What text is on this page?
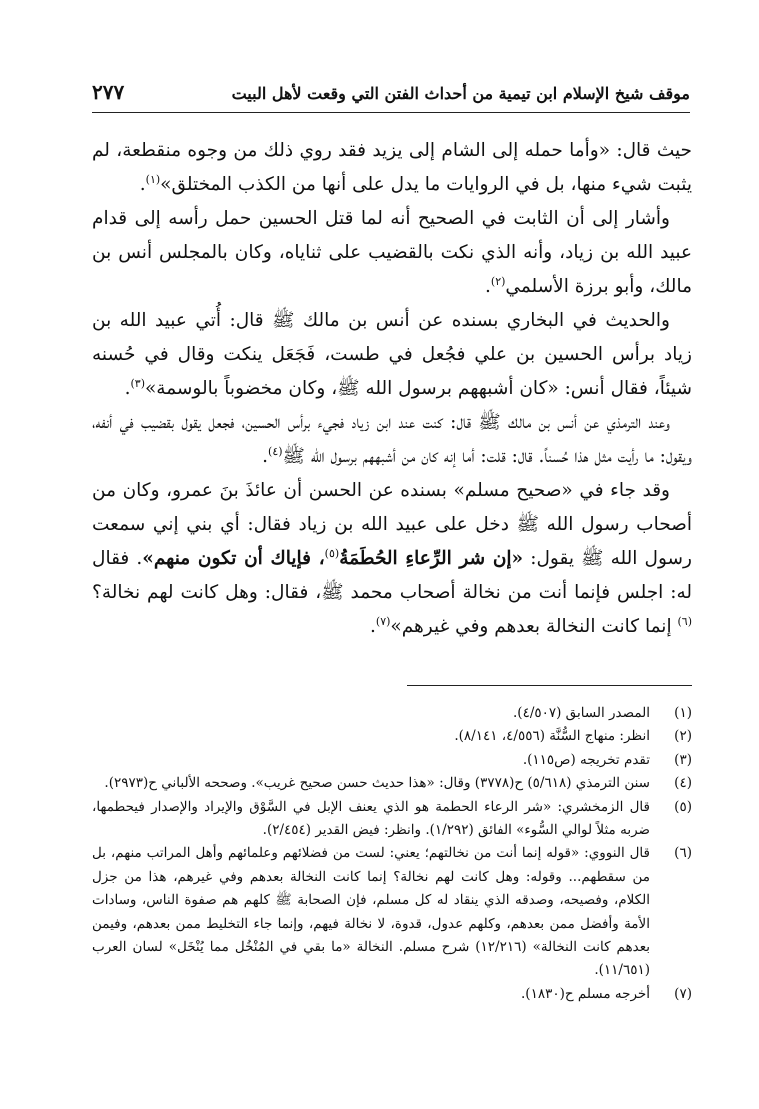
موقف شيخ الإسلام ابن تيمية من أحداث الفتن التي وقعت لأهل البيت
٢٧٧

حيث قال: «وأما حمله إلى الشام إلى يزيد فقد روي ذلك من وجوه منقطعة، لم يثبت شيء منها، بل في الروايات ما يدل على أنها من الكذب المختلق»$^{(١)}$.

وأشار إلى أن الثابت في الصحيح أنه لما قتل الحسين حمل رأسه إلى قدام عبيد الله بن زياد، وأنه الذي نكت بالقضيب على ثناياه، وكان بالمجلس أنس بن مالك، وأبو برزة الأسلمي$^{(٢)}$.

والحديث في البخاري بسنده عن أنس بن مالك ﷺ قال: أُتي عبيد الله بن زياد برأس الحسين بن علي فجُعل في طست، فَجَعَل ينكت وقال في حُسنه شيئاً، فقال أنس: «كان أشبههم برسول الله ﷺ، وكان مخضوباً بالوسمة»$^{(٣)}$.

وعند الترمذي عن أنس بن مالك ﷺ قال: كنت عند ابن زياد فجيء برأس الحسين، فجعل يقول بقضيب في أنفه، ويقول: ما رأيت مثل هذا حُسناً. قال: قلت: أما إنه كان من أشبههم برسول الله ﷺ$^{(٤)}$.

وقد جاء في «صحيح مسلم» بسنده عن الحسن أن عائذَ بنَ عمرو، وكان من أصحاب رسول الله ﷺ دخل على عبيد الله بن زياد فقال: أي بني إني سمعت رسول الله ﷺ يقول: «إن شر الرِّعاءِ الحُطَمَةُ$^{(٥)}$، فإياك أن تكون منهم». فقال له: اجلس فإنما أنت من نخالة أصحاب محمد ﷺ، فقال: وهل كانت لهم نخالة؟$^{(٦)}$ إنما كانت النخالة بعدهم وفي غيرهم»$^{(٧)}$.

(١)
المصدر السابق (٤/٥٠٧).
(٢)
انظر: منهاج السُّنَّة (٤/٥٥٦، ٨/١٤١).
(٣)
تقدم تخريجه (ص١١٥).
(٤)
سنن الترمذي (٥/٦١٨) ح(٣٧٧٨) وقال: «هذا حديث حسن صحيح غريب». وصححه الألباني ح(٢٩٧٣).
(٥)
قال الزمخشري: «شر الرعاء الحطمة هو الذي يعنف الإبل في السَّوْق والإيراد والإصدار فيحطمها، ضربه مثلاً لوالي السُّوء» الفائق (١/٢٩٢). وانظر: فيض القدير (٢/٤٥٤).
(٦)
قال النووي: «قوله إنما أنت من نخالتهم؛ يعني: لست من فضلائهم وعلمائهم وأهل المراتب منهم، بل من سقطهم... وقوله: وهل كانت لهم نخالة؟ إنما كانت النخالة بعدهم وفي غيرهم، هذا من جزل الكلام، وفصيحه، وصدقه الذي ينقاد له كل مسلم، فإن الصحابة ﷺ كلهم هم صفوة الناس، وسادات الأمة وأفضل ممن بعدهم، وكلهم عدول، قدوة، لا نخالة فيهم، وإنما جاء التخليط ممن بعدهم، وفيمن بعدهم كانت النخالة» (١٢/٢١٦) شرح مسلم. النخالة «ما بقي في المُنْخُل مما يُنْخَل» لسان العرب (١١/٦٥١).
(٧)
أخرجه مسلم ح(١٨٣٠).
